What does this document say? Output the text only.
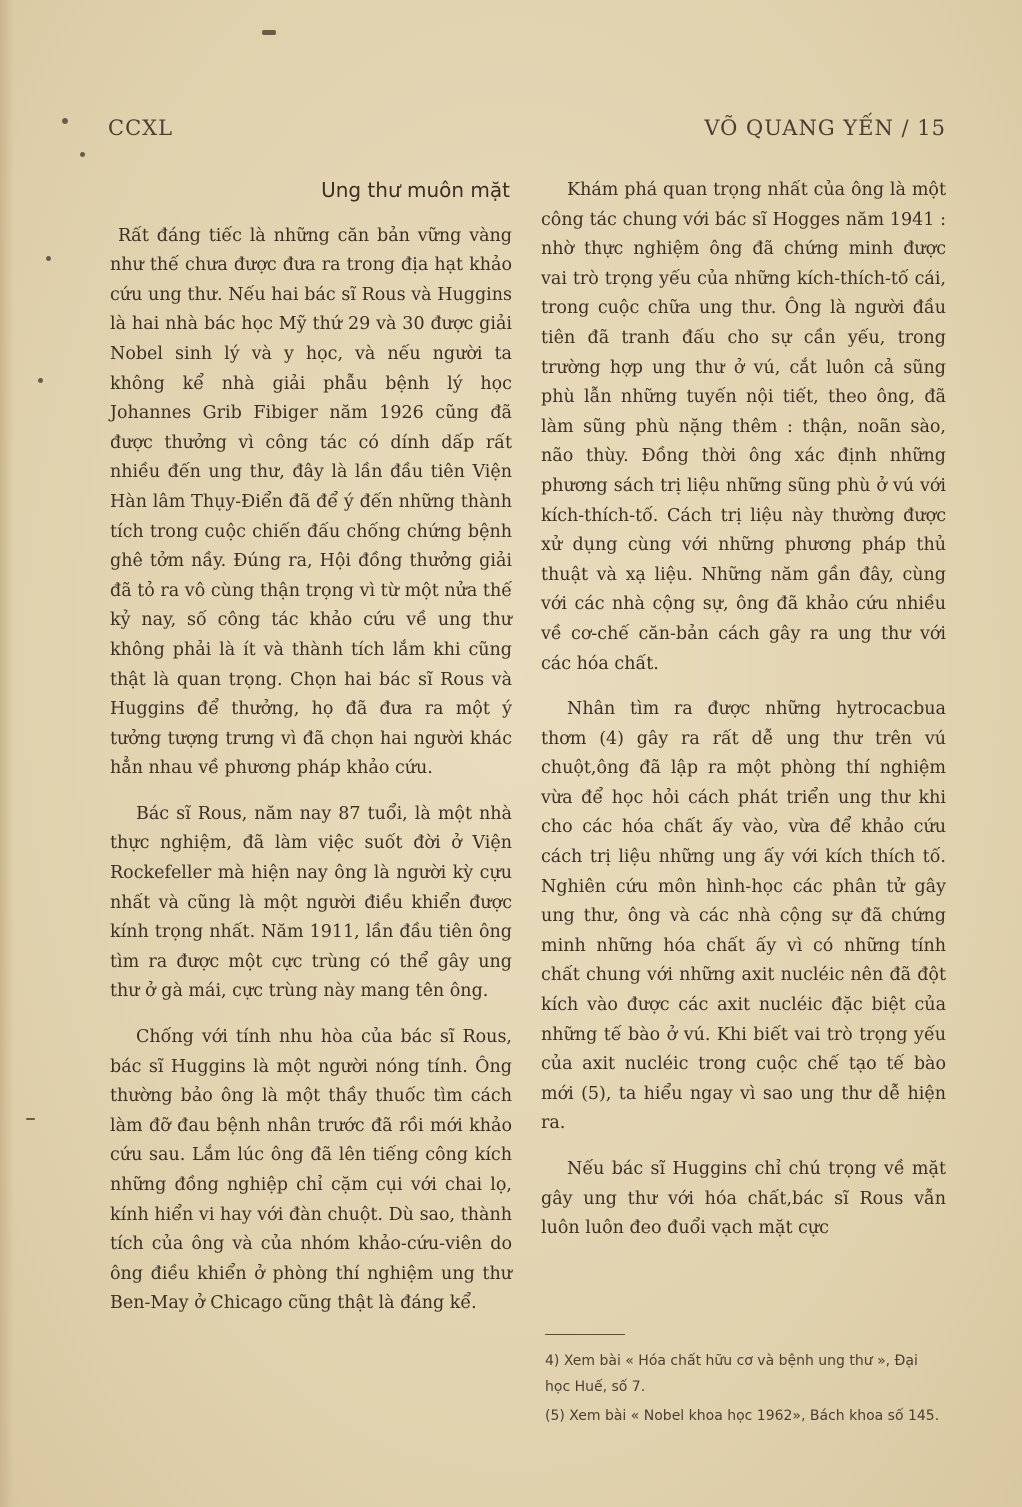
CCXL	VÕ QUANG YẾN / 15

Ung thư muôn mặt

Rất đáng tiếc là những căn bản vững vàng như thế chưa được đưa ra trong địa hạt khảo cứu ung thư. Nếu hai bác sĩ Rous và Huggins là hai nhà bác học Mỹ thứ 29 và 30 được giải Nobel sinh lý và y học, và nếu người ta không kể nhà giải phẫu bệnh lý học Johannes Grib Fibiger năm 1926 cũng đã được thưởng vì công tác có dính dấp rất nhiều đến ung thư, đây là lần đầu tiên Viện Hàn lâm Thụy-Điển đã để ý đến những thành tích trong cuộc chiến đấu chống chứng bệnh ghê tởm nầy. Đúng ra, Hội đồng thưởng giải đã tỏ ra vô cùng thận trọng vì từ một nửa thế kỷ nay, số công tác khảo cứu về ung thư không phải là ít và thành tích lắm khi cũng thật là quan trọng. Chọn hai bác sĩ Rous và Huggins để thưởng, họ đã đưa ra một ý tưởng tượng trưng vì đã chọn hai người khác hẳn nhau về phương pháp khảo cứu.

Bác sĩ Rous, năm nay 87 tuổi, là một nhà thực nghiệm, đã làm việc suốt đời ở Viện Rockefeller mà hiện nay ông là người kỳ cựu nhất và cũng là một người điều khiển được kính trọng nhất. Năm 1911, lần đầu tiên ông tìm ra được một cực trùng có thể gây ung thư ở gà mái, cực trùng này mang tên ông.

Chống với tính nhu hòa của bác sĩ Rous, bác sĩ Huggins là một người nóng tính. Ông thường bảo ông là một thầy thuốc tìm cách làm đỡ đau bệnh nhân trước đã rồi mới khảo cứu sau. Lắm lúc ông đã lên tiếng công kích những đồng nghiệp chỉ cặm cụi với chai lọ, kính hiển vi hay với đàn chuột. Dù sao, thành tích của ông và của nhóm khảo-cứu-viên do ông điều khiển ở phòng thí nghiệm ung thư Ben-May ở Chicago cũng thật là đáng kể.

Khám phá quan trọng nhất của ông là một công tác chung với bác sĩ Hogges năm 1941 : nhờ thực nghiệm ông đã chứng minh được vai trò trọng yếu của những kích-thích-tố cái, trong cuộc chữa ung thư. Ông là người đầu tiên đã tranh đấu cho sự cần yếu, trong trường hợp ung thư ở vú, cắt luôn cả sũng phù lẫn những tuyến nội tiết, theo ông, đã làm sũng phù nặng thêm : thận, noãn sào, não thùy. Đồng thời ông xác định những phương sách trị liệu những sũng phù ở vú với kích-thích-tố. Cách trị liệu này thường được xử dụng cùng với những phương pháp thủ thuật và xạ liệu. Những năm gần đây, cùng với các nhà cộng sự, ông đã khảo cứu nhiều về cơ-chế căn-bản cách gây ra ung thư với các hóa chất.

Nhân tìm ra được những hytrocacbua thơm (4) gây ra rất dễ ung thư trên vú chuột,ông đã lập ra một phòng thí nghiệm vừa để học hỏi cách phát triển ung thư khi cho các hóa chất ấy vào, vừa để khảo cứu cách trị liệu những ung ấy với kích thích tố. Nghiên cứu môn hình-học các phân tử gây ung thư, ông và các nhà cộng sự đã chứng minh những hóa chất ấy vì có những tính chất chung với những axit nucléic nên đã đột kích vào được các axit nucléic đặc biệt của những tế bào ở vú. Khi biết vai trò trọng yếu của axit nucléic trong cuộc chế tạo tế bào mới (5), ta hiểu ngay vì sao ung thư dễ hiện ra.

Nếu bác sĩ Huggins chỉ chú trọng về mặt gây ung thư với hóa chất,bác sĩ Rous vẫn luôn luôn đeo đuổi vạch mặt cực

4) Xem bài « Hóa chất hữu cơ và bệnh ung thư », Đại học Huế, số 7.
(5) Xem bài « Nobel khoa học 1962», Bách khoa số 145.
